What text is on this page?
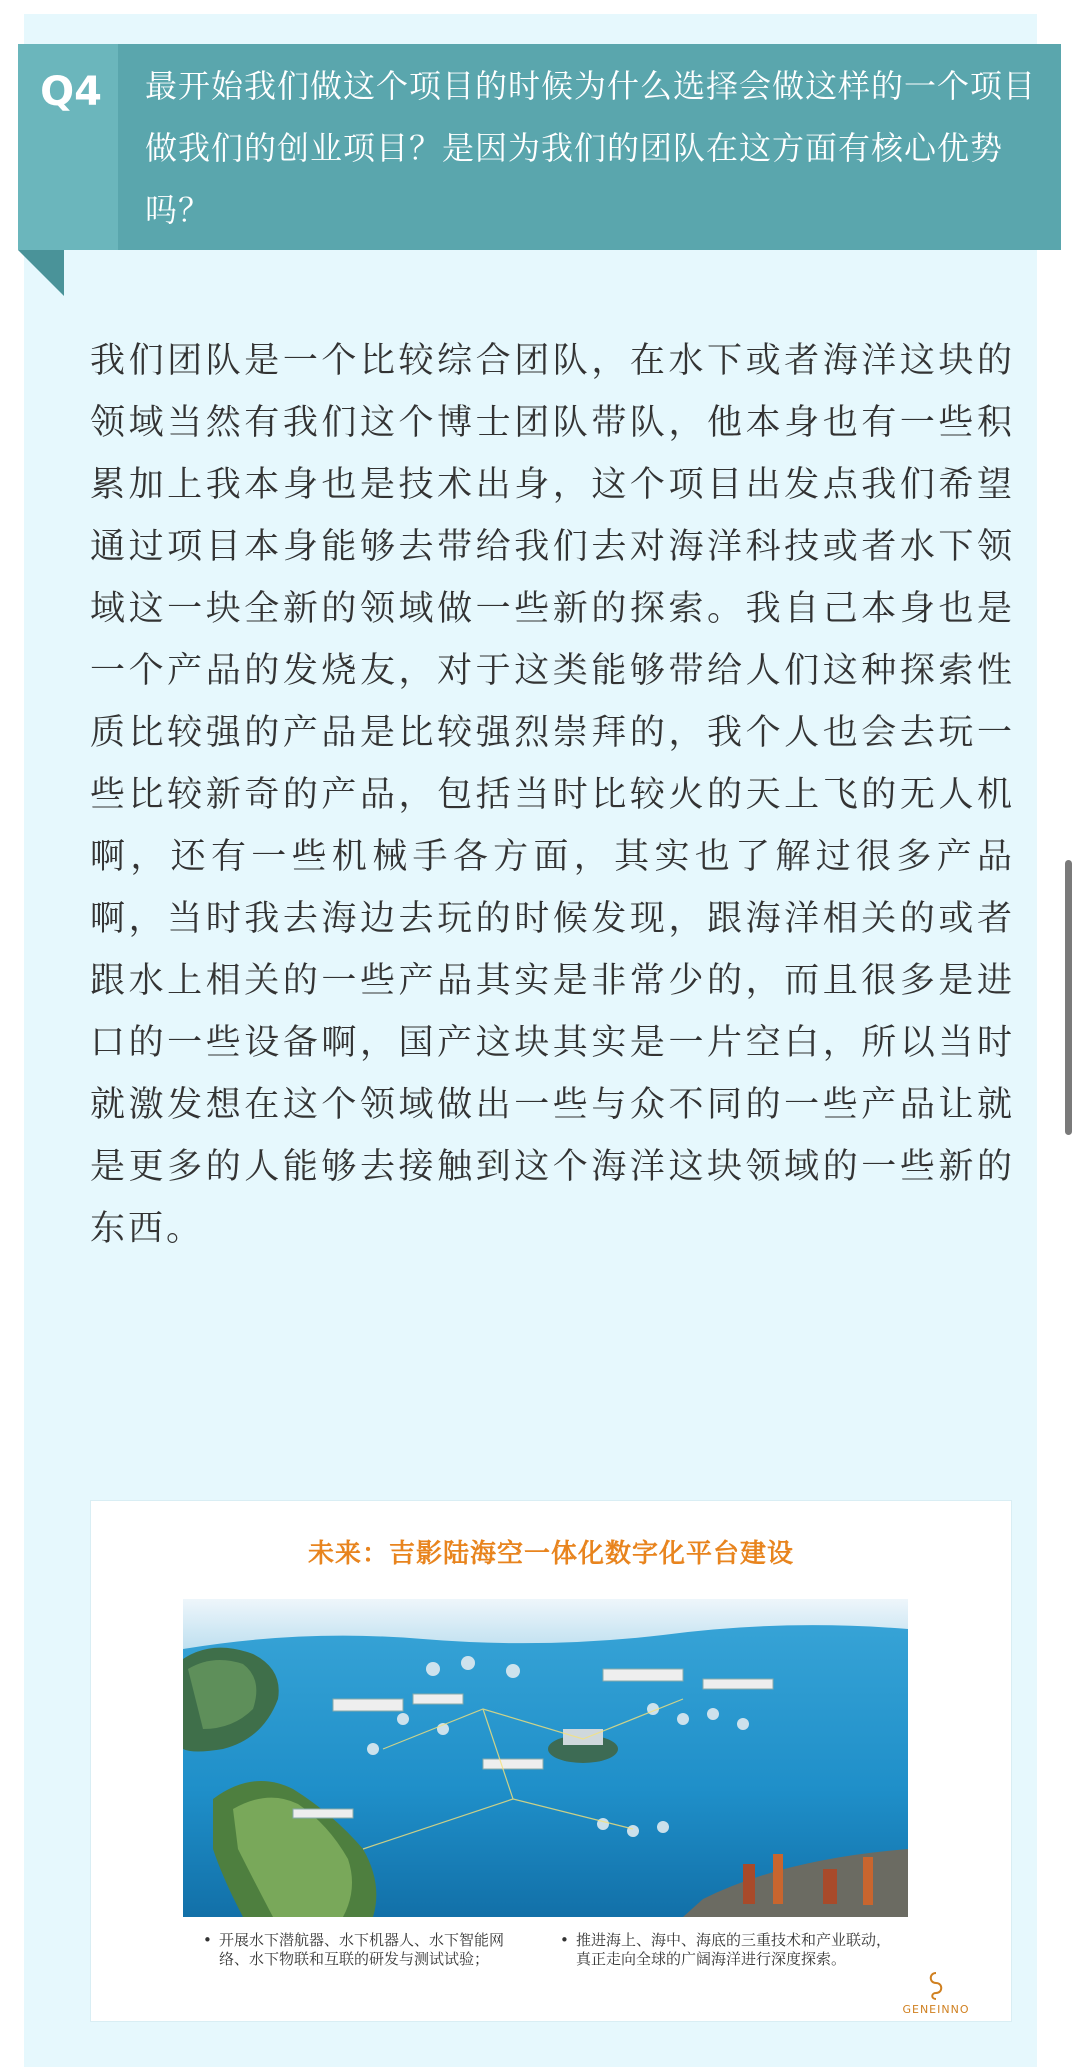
Q4 最开始我们做这个项目的时候为什么选择会做这样的一个项目做我们的创业项目？是因为我们的团队在这方面有核心优势吗？
我们团队是一个比较综合团队，在水下或者海洋这块的领域当然有我们这个博士团队带队，他本身也有一些积累加上我本身也是技术出身，这个项目出发点我们希望通过项目本身能够去带给我们去对海洋科技或者水下领域这一块全新的领域做一些新的探索。我自己本身也是一个产品的发烧友，对于这类能够带给人们这种探索性质比较强的产品是比较强烈崇拜的，我个人也会去玩一些比较新奇的产品，包括当时比较火的天上飞的无人机啊，还有一些机械手各方面，其实也了解过很多产品啊，当时我去海边去玩的时候发现，跟海洋相关的或者跟水上相关的一些产品其实是非常少的，而且很多是进口的一些设备啊，国产这块其实是一片空白，所以当时就激发想在这个领域做出一些与众不同的一些产品让就是更多的人能够去接触到这个海洋这块领域的一些新的东西。
未来：吉影陆海空一体化数字化平台建设
• 开展水下潜航器、水下机器人、水下智能网络、水下物联和互联的研发与测试试验；
• 推进海上、海中、海底的三重技术和产业联动，真正走向全球的广阔海洋进行深度探索。
GENEINNO
